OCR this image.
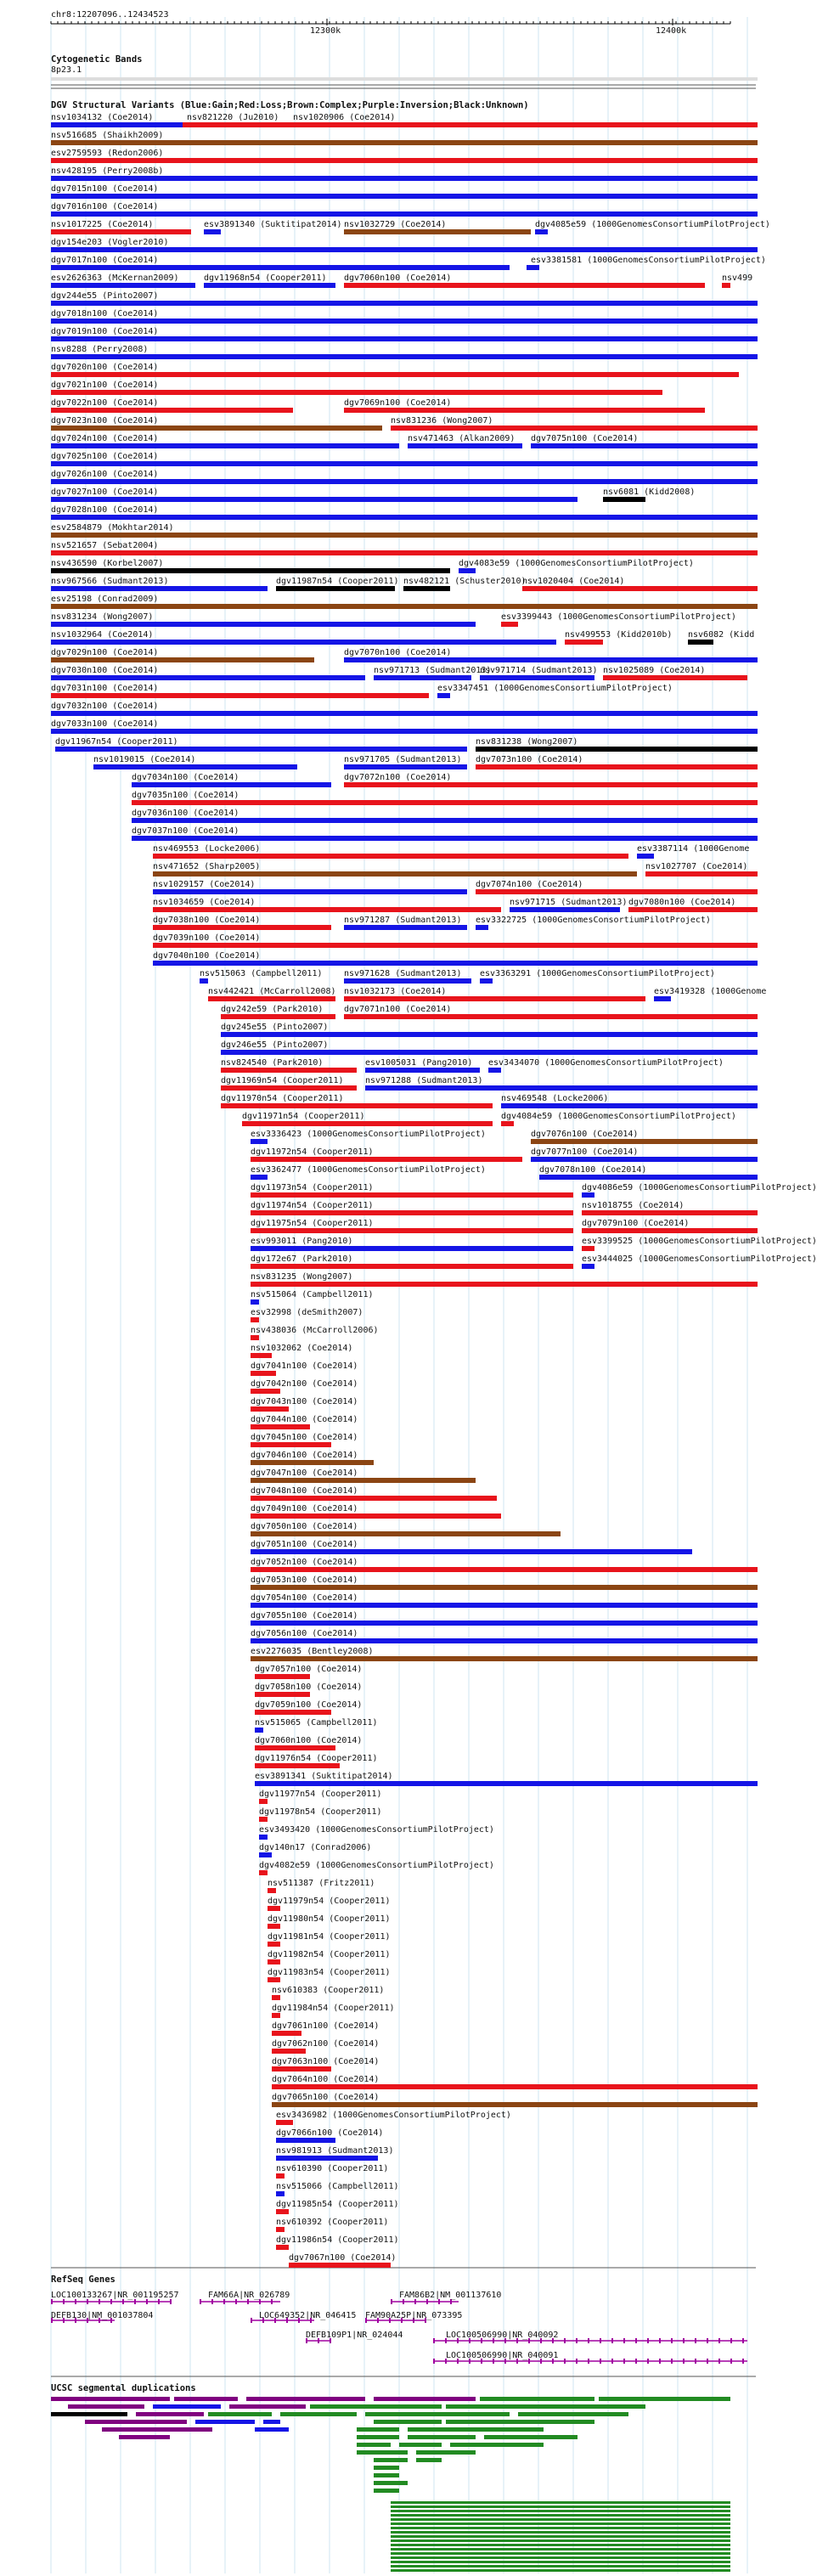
nsv1034132 (Coe2014)	nsv821220 (Ju2010) nsv1020906 (Coe2014)
nsv516685 (Shaikh2009)
esv2759593 (Redon2006)
nsv428195 (Perry2008b)
dgv7015n100 (Coe2014)
dgv7016n100 (Coe2014)
nsv1017225 (Coe2014)	esv3891340 (Suktitipat2014) nsv1032729 (Coe2014)	dgv4085e59 (1000GenomesConsortiumPilotProject)
dgv154e203 (Vogler2010)
dgv7017n100 (Coe2014)	esv3381581 (1000GenomesConsortiumPilotProject)
esv2626363 (McKernan2009)	dgv11968n54 (Cooper2011) dgv7060n100 (Coe2014)	nsv499
dgv244e55 (Pinto2007)
dgv7018n100 (Coe2014)
dgv7019n100 (Coe2014)
nsv8288 (Perry2008)
dgv7020n100 (Coe2014)
dgv7021n100 (Coe2014)
dgv7022n100 (Coe2014)	dgv7069n100 (Coe2014)
dgv7023n100 (Coe2014)	nsv831236 (Wong2007)
dgv7024n100 (Coe2014)	nsv471463 (Alkan2009) dgv7075n100 (Coe2014)
dgv7025n100 (Coe2014)
dgv7026n100 (Coe2014)
dgv7027n100 (Coe2014)	nsv6081 (Kidd2008)
dgv7028n100 (Coe2014)
esv2584879 (Mokhtar2014)
nsv521657 (Sebat2004)
nsv436590 (Korbel2007)	dgv4083e59 (1000GenomesConsortiumPilotProject)
nsv967566 (Sudmant2013)	dgv11987n54 (Cooper2011) nsv482121 (Schuster2010)
nsv1020404 (Coe2014)
esv25198 (Conrad2009)
nsv831234 (Wong2007)	esv3399443 (1000GenomesConsortiumPilotProject)
nsv1032964 (Coe2014)	nsv499553 (Kidd2010b) nsv6082 (Kidd
dgv7029n100 (Coe2014)	dgv7070n100 (Coe2014)
dgv7030n100 (Coe2014)	nsv971713 (Sudmant2013)
nsv971714 (Sudmant2013) nsv1025089 (Coe2014)
dgv7031n100 (Coe2014)	esv3347451 (1000GenomesConsortiumPilotProject)
dgv7032n100 (Coe2014)
dgv7033n100 (Coe2014)
dgv11967n54 (Cooper2011)	nsv831238 (Wong2007)
nsv1019015 (Coe2014)	nsv971705 (Sudmant2013) dgv7073n100 (Coe2014)
dgv7034n100 (Coe2014)	dgv7072n100 (Coe2014)
dgv7035n100 (Coe2014)
dgv7036n100 (Coe2014)
dgv7037n100 (Coe2014)
nsv469553 (Locke2006)	esv3387114 (1000Genome
nsv471652 (Sharp2005)	nsv1027707 (Coe2014)
nsv1029157 (Coe2014)	dgv7074n100 (Coe2014)
nsv1034659 (Coe2014)	nsv971715 (Sudmant2013) dgv7080n100 (Coe2014)
dgv7038n100 (Coe2014)	nsv971287 (Sudmant2013) esv3322725 (1000GenomesConsortiumPilotProject)
dgv7039n100 (Coe2014)
dgv7040n100 (Coe2014)
nsv515063 (Campbell2011)	nsv971628 (Sudmant2013) esv3363291 (1000GenomesConsortiumPilotProject)
nsv442421 (McCarroll2008) nsv1032173 (Coe2014)	esv3419328 (1000Genome
dgv242e59 (Park2010) dgv7071n100 (Coe2014)
dgv245e55 (Pinto2007)
dgv246e55 (Pinto2007)
nsv824540 (Park2010)	esv1005031 (Pang2010) esv3434070 (1000GenomesConsortiumPilotProject)
dgv11969n54 (Cooper2011)	nsv971288 (Sudmant2013)
dgv11970n54 (Cooper2011)	nsv469548 (Locke2006)
dgv11971n54 (Cooper2011)	dgv4084e59 (1000GenomesConsortiumPilotProject)
esv3336423 (1000GenomesConsortiumPilotProject)	dgv7076n100 (Coe2014)
dgv11972n54 (Cooper2011)	dgv7077n100 (Coe2014)
esv3362477 (1000GenomesConsortiumPilotProject)	dgv7078n100 (Coe2014)
dgv11973n54 (Cooper2011)	dgv4086e59 (1000GenomesConsortiumPilotProject)
dgv11974n54 (Cooper2011)	nsv1018755 (Coe2014)
dgv11975n54 (Cooper2011)	dgv7079n100 (Coe2014)
esv993011 (Pang2010)	esv3399525 (1000GenomesConsortiumPilotProject)
dgv172e67 (Park2010)	esv3444025 (1000GenomesConsortiumPilotProject)
nsv831235 (Wong2007)
nsv515064 (Campbell2011)
esv32998 (deSmith2007)
nsv438036 (McCarroll2006)
nsv1032062 (Coe2014)
dgv7041n100 (Coe2014)
dgv7042n100 (Coe2014)
dgv7043n100 (Coe2014)
dgv7044n100 (Coe2014)
dgv7045n100 (Coe2014)
dgv7046n100 (Coe2014)
dgv7047n100 (Coe2014)
dgv7048n100 (Coe2014)
dgv7049n100 (Coe2014)
dgv7050n100 (Coe2014)
dgv7051n100 (Coe2014)
dgv7052n100 (Coe2014)
dgv7053n100 (Coe2014)
dgv7054n100 (Coe2014)
dgv7055n100 (Coe2014)
dgv7056n100 (Coe2014)
esv2276035 (Bentley2008)
dgv7057n100 (Coe2014)
dgv7058n100 (Coe2014)
dgv7059n100 (Coe2014)
nsv515065 (Campbell2011)
dgv7060n100 (Coe2014)
dgv11976n54 (Cooper2011)
esv3891341 (Suktitipat2014)
dgv11977n54 (Cooper2011)
dgv11978n54 (Cooper2011)
esv3493420 (1000GenomesConsortiumPilotProject)
dgv140n17 (Conrad2006)
dgv4082e59 (1000GenomesConsortiumPilotProject)
nsv511387 (Fritz2011)
dgv11979n54 (Cooper2011)
dgv11980n54 (Cooper2011)
dgv11981n54 (Cooper2011)
dgv11982n54 (Cooper2011)
dgv11983n54 (Cooper2011)
nsv610383 (Cooper2011)
dgv11984n54 (Cooper2011)
dgv7061n100 (Coe2014)
dgv7062n100 (Coe2014)
dgv7063n100 (Coe2014)
dgv7064n100 (Coe2014)
dgv7065n100 (Coe2014)
esv3436982 (1000GenomesConsortiumPilotProject)
dgv7066n100 (Coe2014)
nsv981913 (Sudmant2013)
nsv610390 (Cooper2011)
nsv515066 (Campbell2011)
dgv11985n54 (Cooper2011)
nsv610392 (Cooper2011)
dgv11986n54 (Cooper2011)
dgv7067n100 (Coe2014)
LOC100133267|NR_001195257
DEFB130|NM_001037804
FAM66A|NR_026789
LOC649352|NR_046415
FAM86B2|NM_001137610
FAM90A25P|NR_073395
DEFB109P1|NR_024044	LOC100506990|NR_040092
LOC100506990|NR_040091
chr8:12207096..12434523
12300k	12400k
Cytogenetic Bands
8p23.1
DGV Structural Variants (Blue:Gain;Red:Loss;Brown:Complex;Purple:Inversion;Black:Unknown)
RefSeq Genes
UCSC segmental duplications
